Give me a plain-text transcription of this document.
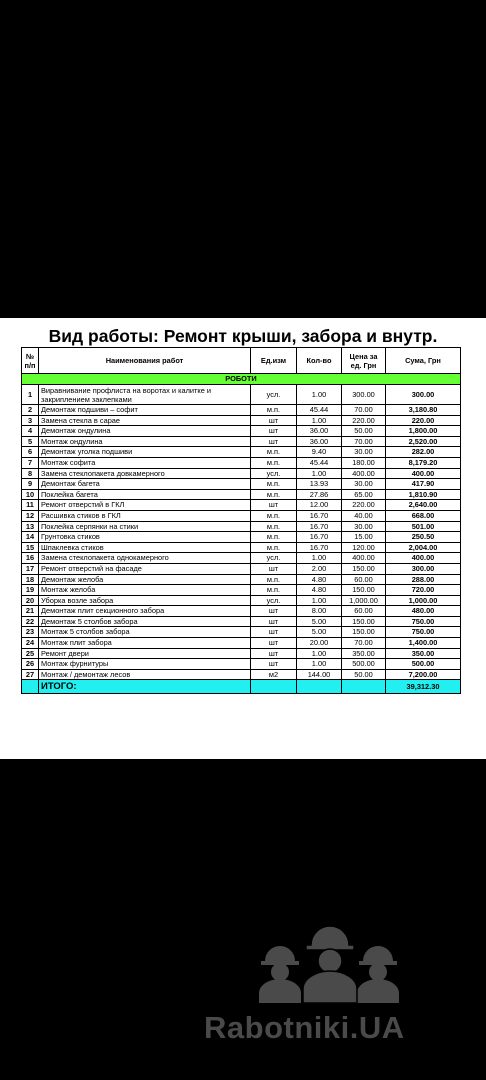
Вид работы: Ремонт крыши, забора и внутр.
№ п/п	Наименования работ	Ед.изм	Кол-во	Цена за ед. Грн	Сума, Грн
РОБОТИ					
1	Виравнивание профлиста на воротах и калитке и закриплением заклепками	усл.	1.00	300.00	300.00
2	Демонтаж подшиви – софит	м.п.	45.44	70.00	3,180.80
3	Замена стекла в сарае	шт	1.00	220.00	220.00
4	Демонтаж ондулина	шт	36.00	50.00	1,800.00
5	Монтаж ондулина	шт	36.00	70.00	2,520.00
6	Демонтаж уголка подшиви	м.п.	9.40	30.00	282.00
7	Монтаж софита	м.п.	45.44	180.00	8,179.20
8	Замена стеклопакета довкамерного	усл.	1.00	400.00	400.00
9	Демонтаж багета	м.п.	13.93	30.00	417.90
10	Поклейка багета	м.п.	27.86	65.00	1,810.90
11	Ремонт отверстий в ГКЛ	шт	12.00	220.00	2,640.00
12	Расшивка стиков в ГКЛ	м.п.	16.70	40.00	668.00
13	Поклейка серпянки на стики	м.п.	16.70	30.00	501.00
14	Грунтовка стиков	м.п.	16.70	15.00	250.50
15	Шпаклевка стиков	м.п.	16.70	120.00	2,004.00
16	Замена стеклопакета однокамерного	усл.	1.00	400.00	400.00
17	Ремонт отверстий на фасаде	шт	2.00	150.00	300.00
18	Демонтаж желоба	м.п.	4.80	60.00	288.00
19	Монтаж желоба	м.п.	4.80	150.00	720.00
20	Уборка возле забора	усл.	1.00	1,000.00	1,000.00
21	Демонтаж плит секционного забора	шт	8.00	60.00	480.00
22	Демонтаж 5 столбов забора	шт	5.00	150.00	750.00
23	Монтаж 5 столбов забора	шт	5.00	150.00	750.00
24	Монтаж плит забора	шт	20.00	70.00	1,400.00
25	Ремонт двери	шт	1.00	350.00	350.00
26	Монтаж фурнитуры	шт	1.00	500.00	500.00
27	Монтаж / демонтаж лесов	м2	144.00	50.00	7,200.00
	ИТОГО:				39,312.30
Rabotniki.UA
